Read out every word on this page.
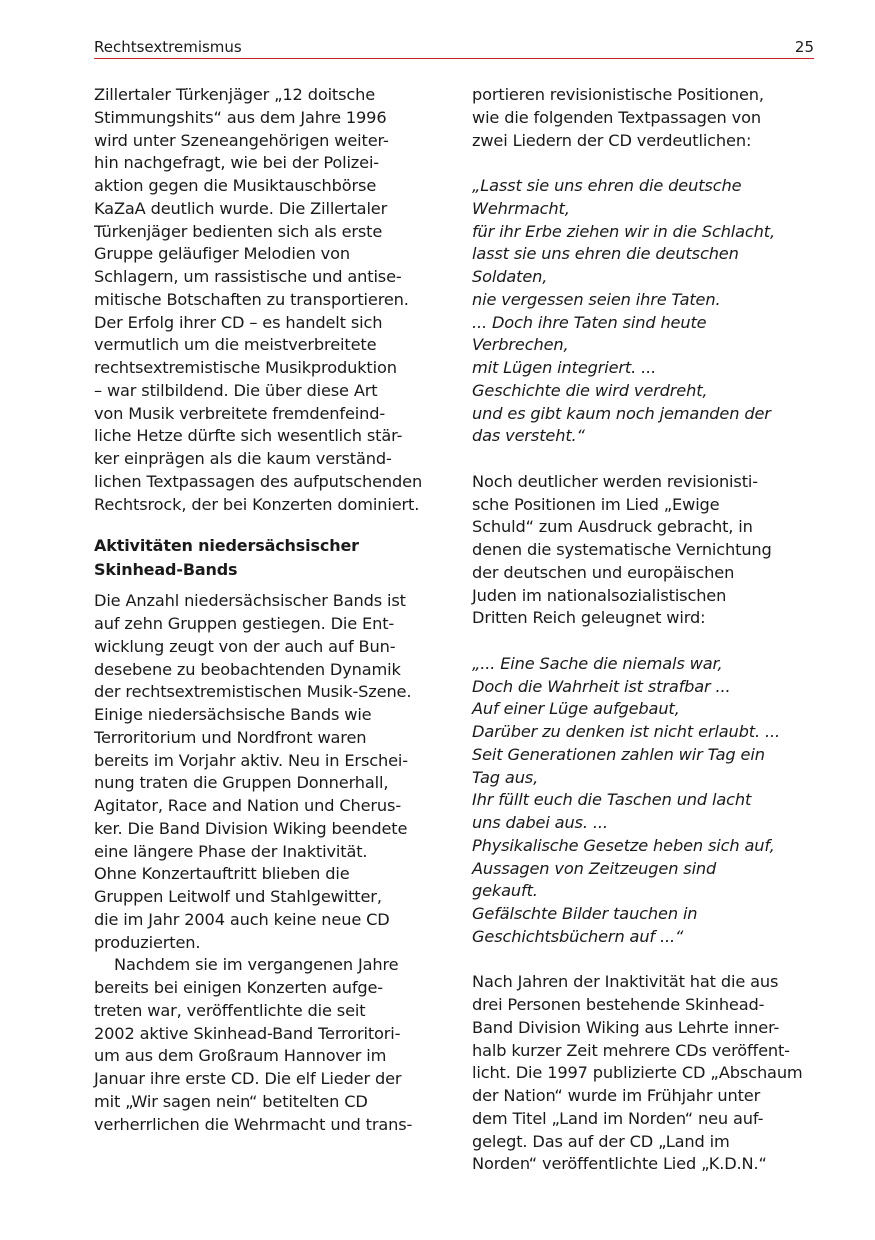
Rechtsextremismus	25
Zillertaler Türkenjäger „12 doitsche
Stimmungshits“ aus dem Jahre 1996
wird unter Szeneangehörigen weiter-
hin nachgefragt, wie bei der Polizei-
aktion gegen die Musiktauschbörse
KaZaA deutlich wurde. Die Zillertaler
Türkenjäger bedienten sich als erste
Gruppe geläufiger Melodien von
Schlagern, um rassistische und antise-
mitische Botschaften zu transportieren.
Der Erfolg ihrer CD – es handelt sich
vermutlich um die meistverbreitete
rechtsextremistische Musikproduktion
– war stilbildend. Die über diese Art
von Musik verbreitete fremdenfeind-
liche Hetze dürfte sich wesentlich stär-
ker einprägen als die kaum verständ-
lichen Textpassagen des aufputschenden
Rechtsrock, der bei Konzerten dominiert.
Aktivitäten niedersächsischer
Skinhead-Bands
Die Anzahl niedersächsischer Bands ist
auf zehn Gruppen gestiegen. Die Ent-
wicklung zeugt von der auch auf Bun-
desebene zu beobachtenden Dynamik
der rechtsextremistischen Musik-Szene.
Einige niedersächsische Bands wie
Terroritorium und Nordfront waren
bereits im Vorjahr aktiv. Neu in Erschei-
nung traten die Gruppen Donnerhall,
Agitator, Race and Nation und Cherus-
ker. Die Band Division Wiking beendete
eine längere Phase der Inaktivität.
Ohne Konzertauftritt blieben die
Gruppen Leitwolf und Stahlgewitter,
die im Jahr 2004 auch keine neue CD
produzierten.
Nachdem sie im vergangenen Jahre
bereits bei einigen Konzerten aufge-
treten war, veröffentlichte die seit
2002 aktive Skinhead-Band Terroritori-
um aus dem Großraum Hannover im
Januar ihre erste CD. Die elf Lieder der
mit „Wir sagen nein“ betitelten CD
verherrlichen die Wehrmacht und trans-
portieren revisionistische Positionen,
wie die folgenden Textpassagen von
zwei Liedern der CD verdeutlichen:
„Lasst sie uns ehren die deutsche
Wehrmacht,
für ihr Erbe ziehen wir in die Schlacht,
lasst sie uns ehren die deutschen
Soldaten,
nie vergessen seien ihre Taten.
... Doch ihre Taten sind heute
Verbrechen,
mit Lügen integriert. ...
Geschichte die wird verdreht,
und es gibt kaum noch jemanden der
das versteht.“
Noch deutlicher werden revisionisti-
sche Positionen im Lied „Ewige
Schuld“ zum Ausdruck gebracht, in
denen die systematische Vernichtung
der deutschen und europäischen
Juden im nationalsozialistischen
Dritten Reich geleugnet wird:
„... Eine Sache die niemals war,
Doch die Wahrheit ist strafbar ...
Auf einer Lüge aufgebaut,
Darüber zu denken ist nicht erlaubt. ...
Seit Generationen zahlen wir Tag ein
Tag aus,
Ihr füllt euch die Taschen und lacht
uns dabei aus. ...
Physikalische Gesetze heben sich auf,
Aussagen von Zeitzeugen sind
gekauft.
Gefälschte Bilder tauchen in
Geschichtsbüchern auf ...“
Nach Jahren der Inaktivität hat die aus
drei Personen bestehende Skinhead-
Band Division Wiking aus Lehrte inner-
halb kurzer Zeit mehrere CDs veröffent-
licht. Die 1997 publizierte CD „Abschaum
der Nation“ wurde im Frühjahr unter
dem Titel „Land im Norden“ neu auf-
gelegt. Das auf der CD „Land im
Norden“ veröffentlichte Lied „K.D.N.“
